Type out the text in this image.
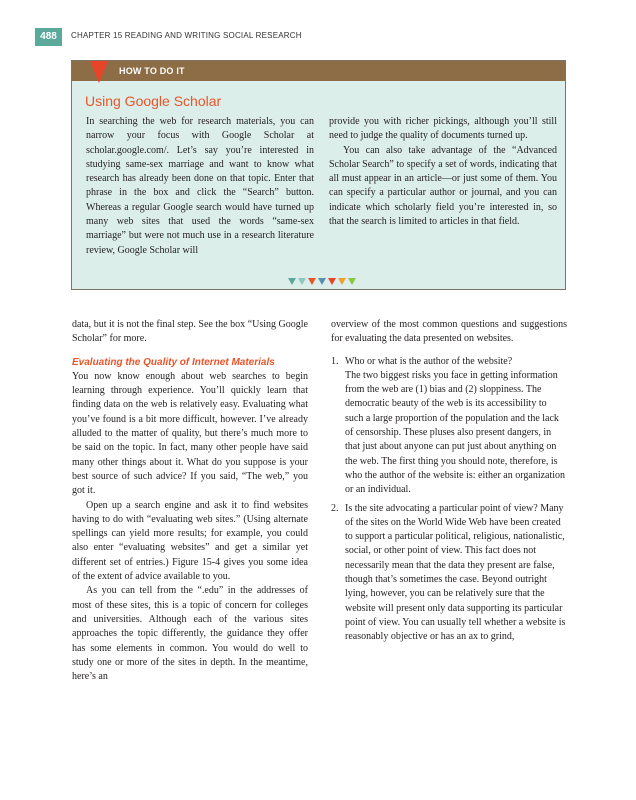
488	CHAPTER 15 READING AND WRITING SOCIAL RESEARCH
HOW TO DO IT
Using Google Scholar

In searching the web for research materials, you can narrow your focus with Google Scholar at scholar.google.com/. Let’s say you’re interested in studying same-sex marriage and want to know what research has already been done on that topic. Enter that phrase in the box and click the “Search” button. Whereas a regular Google search would have turned up many web sites that used the words “same-sex marriage” but were not much use in a research literature review, Google Scholar will

provide you with richer pickings, although you’ll still need to judge the quality of documents turned up.

You can also take advantage of the “Advanced Scholar Search” to specify a set of words, indicating that all must appear in an article—or just some of them. You can specify a particular author or journal, and you can indicate which scholarly field you’re interested in, so that the search is limited to articles in that field.

data, but it is not the final step. See the box “Using Google Scholar” for more.

Evaluating the Quality of Internet Materials

You now know enough about web searches to begin learning through experience. You’ll quickly learn that finding data on the web is relatively easy. Evaluating what you’ve found is a bit more difficult, however. I’ve already alluded to the matter of quality, but there’s much more to be said on the topic. In fact, many other people have said many other things about it. What do you suppose is your best source of such advice? If you said, “The web,” you got it.

Open up a search engine and ask it to find websites having to do with “evaluating web sites.” (Using alternate spellings can yield more results; for example, you could also enter “evaluating websites” and get a similar yet different set of entries.) Figure 15-4 gives you some idea of the extent of advice available to you.

As you can tell from the “.edu” in the addresses of most of these sites, this is a topic of concern for colleges and universities. Although each of the various sites approaches the topic differently, the guidance they offer has some elements in common. You would do well to study one or more of the sites in depth. In the meantime, here’s an

overview of the most common questions and suggestions for evaluating the data presented on websites.

1. Who or what is the author of the website?
The two biggest risks you face in getting information from the web are (1) bias and (2) sloppiness. The democratic beauty of the web is its accessibility to such a large proportion of the population and the lack of censorship. These pluses also present dangers, in that just about anyone can put just about anything on the web. The first thing you should note, therefore, is who the author of the website is: either an organization or an individual.
2. Is the site advocating a particular point of view? Many of the sites on the World Wide Web have been created to support a particular political, religious, nationalistic, social, or other point of view. This fact does not necessarily mean that the data they present are false, though that’s sometimes the case. Beyond outright lying, however, you can be relatively sure that the website will present only data supporting its particular point of view. You can usually tell whether a website is reasonably objective or has an ax to grind,
